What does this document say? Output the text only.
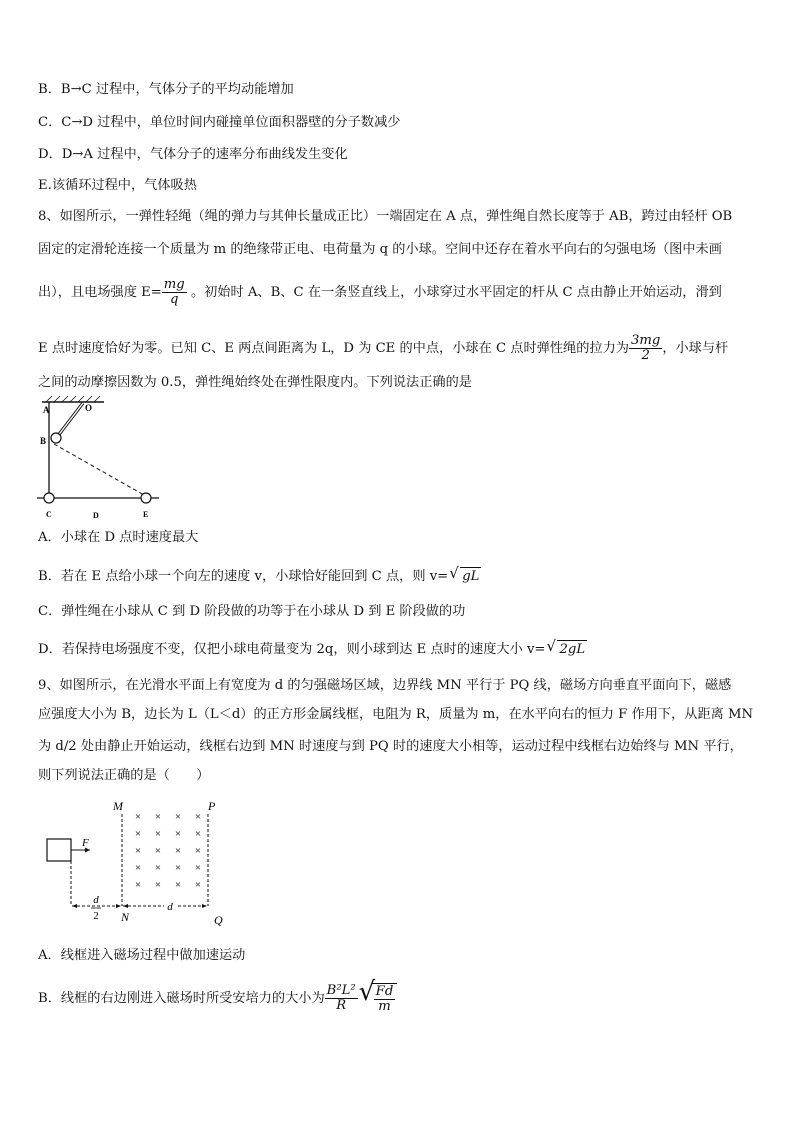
B．B→C 过程中，气体分子的平均动能增加
C．C→D 过程中，单位时间内碰撞单位面积器壁的分子数减少
D．D→A 过程中，气体分子的速率分布曲线发生变化
E.该循环过程中，气体吸热
8、如图所示，一弹性轻绳（绳的弹力与其伸长量成正比）一端固定在 A 点，弹性绳自然长度等于 AB，跨过由轻杆 OB
固定的定滑轮连接一个质量为 m 的绝缘带正电、电荷量为 q 的小球。空间中还存在着水平向右的匀强电场（图中未画
出），且电场强度 $E= \frac{mg}{q}$ 。初始时 A、B、C 在一条竖直线上，小球穿过水平固定的杆从 C 点由静止开始运动，滑到
E 点时速度恰好为零。已知 C、E 两点间距离为 L，D 为 CE 的中点，小球在 C 点时弹性绳的拉力为 $\frac{3mg}{2}$ ，小球与杆
之间的动摩擦因数为 0.5，弹性绳始终处在弹性限度内。下列说法正确的是
A	O
B
C	D	E
A．小球在 D 点时速度最大
B．若在 E 点给小球一个向左的速度 v，小球恰好能回到 C 点，则 v= √ gL
C．弹性绳在小球从 C 到 D 阶段做的功等于在小球从 D 到 E 阶段做的功
D．若保持电场强度不变，仅把小球电荷量变为 2q，则小球到达 E 点时的速度大小 v= √ 2gL
9、如图所示，在光滑水平面上有宽度为 d 的匀强磁场区域，边界线 MN 平行于 PQ 线，磁场方向垂直平面向下，磁感
应强度大小为 B，边长为 L（L＜d）的正方形金属线框，电阻为 R，质量为 m，在水平向右的恒力 F 作用下，从距离 MN
为 d/2 处由静止开始运动，线框右边到 MN 时速度与到 PQ 时的速度大小相等，运动过程中线框右边始终与 MN 平行，
则下列说法正确的是（　　）
M	P
× × × ×
× × × ×
× × × ×
× × × ×
× × × ×
F
d
2
d
N	Q
A．线框进入磁场过程中做加速运动
B．线框的右边刚进入磁场时所受安培力的大小为 $\frac{\text{B²L²}}{R}$ √
$\frac{Fd}{m}$
